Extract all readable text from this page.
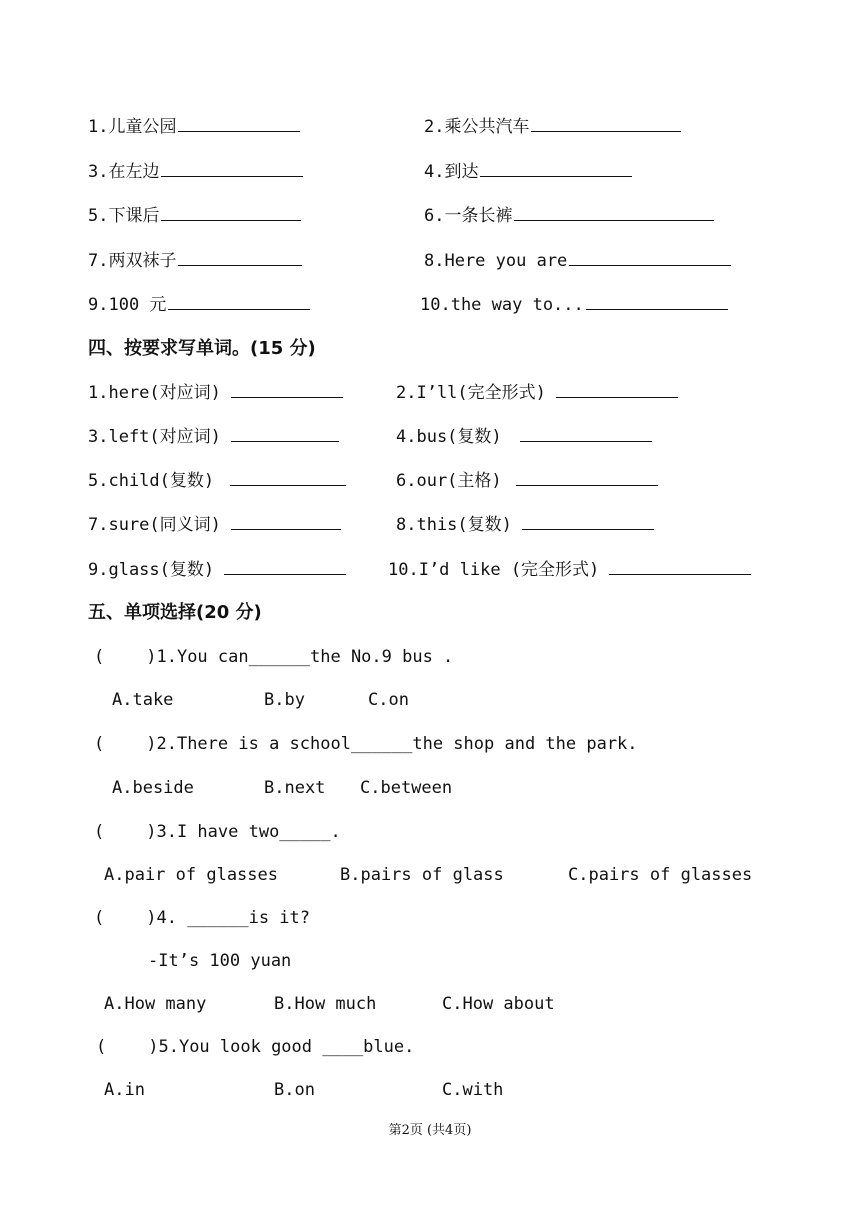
1.儿童公园	2.乘公共汽车
3.在左边	4.到达
5.下课后	6.一条长裤
7.两双袜子	8.Here you are
9.100 元	10.the way to...
四、按要求写单词。(15 分)
1.here(对应词)	2.I’ll(完全形式)
3.left(对应词)	4.bus(复数)
5.child(复数)	6.our(主格)
7.sure(同义词)	8.this(复数)
9.glass(复数)	10.I’d like (完全形式)
五、单项选择(20 分)
( )1.You can______the No.9 bus .
A.take	B.by	C.on
( )2.There is a school______the shop and the park.
A.beside	B.next C.between
( )3.I have two_____.
A.pair of glasses	B.pairs of glass	C.pairs of glasses
( )4. ______is it?
-It’s 100 yuan
A.How many	B.How much	C.How about
( )5.You look good ____blue.
A.in	B.on	C.with
第2页 (共4页)
